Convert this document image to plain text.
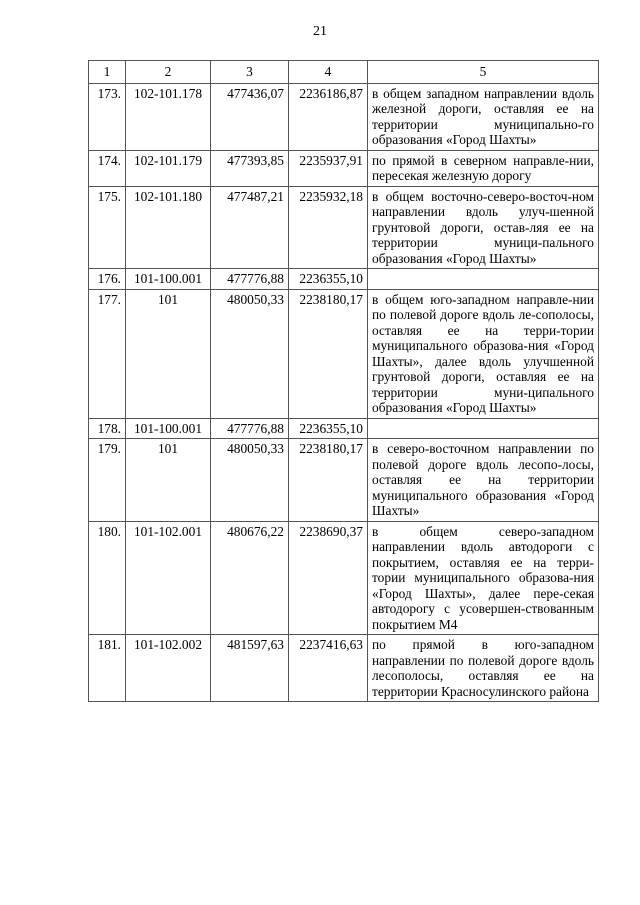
21
1	2	3	4	5
173.	102-101.178	477436,07	2236186,87	в общем западном направлении вдоль железной дороги, оставляя ее на территории муниципально-го образования «Город Шахты»
174.	102-101.179	477393,85	2235937,91	по прямой в северном направле-нии, пересекая железную дорогу
175.	102-101.180	477487,21	2235932,18	в общем восточно-северо-восточ-ном направлении вдоль улуч-шенной грунтовой дороги, остав-ляя ее на территории муници-пального образования «Город Шахты»
176.	101-100.001	477776,88	2236355,10	
177.	101	480050,33	2238180,17	в общем юго-западном направле-нии по полевой дороге вдоль ле-сополосы, оставляя ее на терри-тории муниципального образова-ния «Город Шахты», далее вдоль улучшенной грунтовой дороги, оставляя ее на территории муни-ципального образования «Город Шахты»
178.	101-100.001	477776,88	2236355,10	
179.	101	480050,33	2238180,17	в северо-восточном направлении по полевой дороге вдоль лесопо-лосы, оставляя ее на территории муниципального образования «Город Шахты»
180.	101-102.001	480676,22	2238690,37	в общем северо-западном направлении вдоль автодороги с покрытием, оставляя ее на терри-тории муниципального образова-ния «Город Шахты», далее пере-секая автодорогу с усовершен-ствованным покрытием М4
181.	101-102.002	481597,63	2237416,63	по прямой в юго-западном направлении по полевой дороге вдоль лесополосы, оставляя ее на территории Красносулинского района
